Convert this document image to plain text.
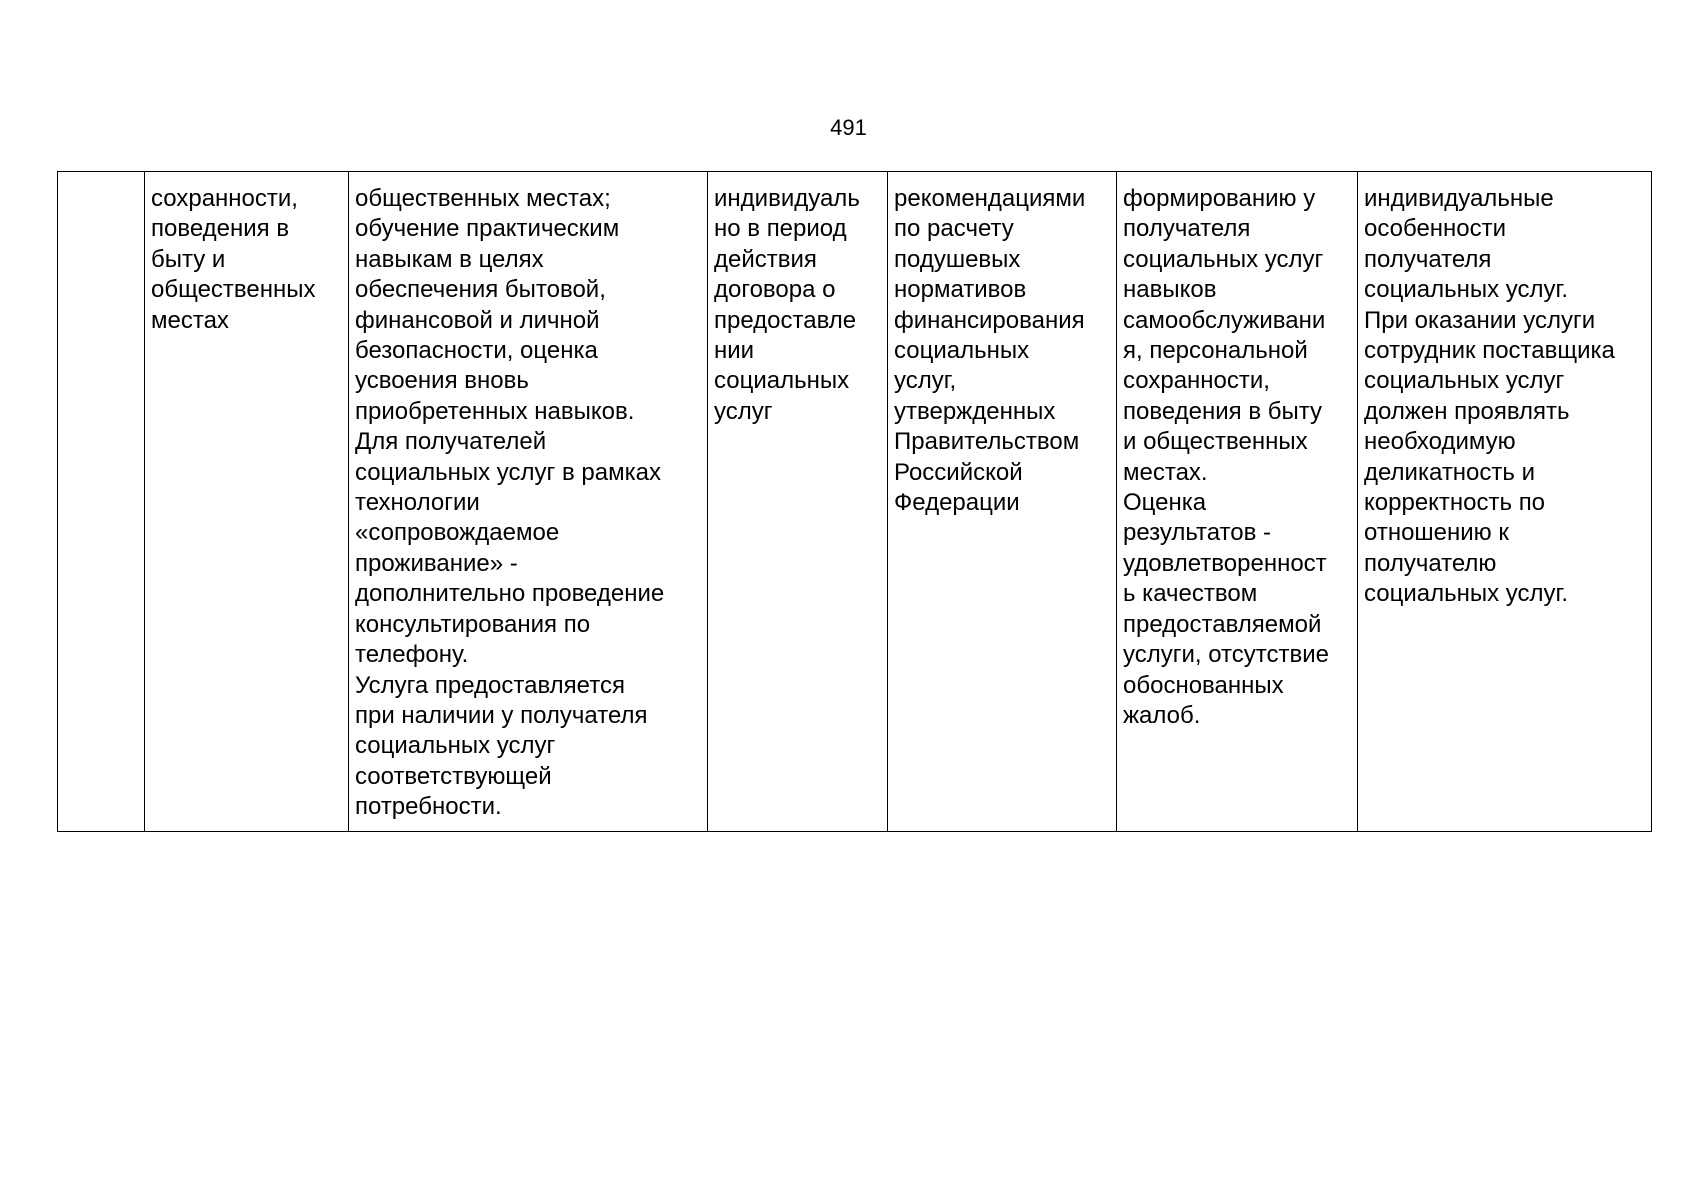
491
	сохранности,
поведения в
быту и
общественных
местах	общественных местах;
обучение практическим
навыкам в целях
обеспечения бытовой,
финансовой и личной
безопасности, оценка
усвоения вновь
приобретенных навыков.
Для получателей
социальных услуг в рамках
технологии
«сопровождаемое
проживание» -
дополнительно проведение
консультирования по
телефону.
Услуга предоставляется
при наличии у получателя
социальных услуг
соответствующей
потребности.	индивидуаль
но в период
действия
договора о
предоставле
нии
социальных
услуг	рекомендациями
по расчету
подушевых
нормативов
финансирования
социальных
услуг,
утвержденных
Правительством
Российской
Федерации	формированию у
получателя
социальных услуг
навыков
самообслуживани
я, персональной
сохранности,
поведения в быту
и общественных
местах.
Оценка
результатов -
удовлетворенност
ь качеством
предоставляемой
услуги, отсутствие
обоснованных
жалоб.	индивидуальные
особенности
получателя
социальных услуг.
При оказании услуги
сотрудник поставщика
социальных услуг
должен проявлять
необходимую
деликатность и
корректность по
отношению к
получателю
социальных услуг.
